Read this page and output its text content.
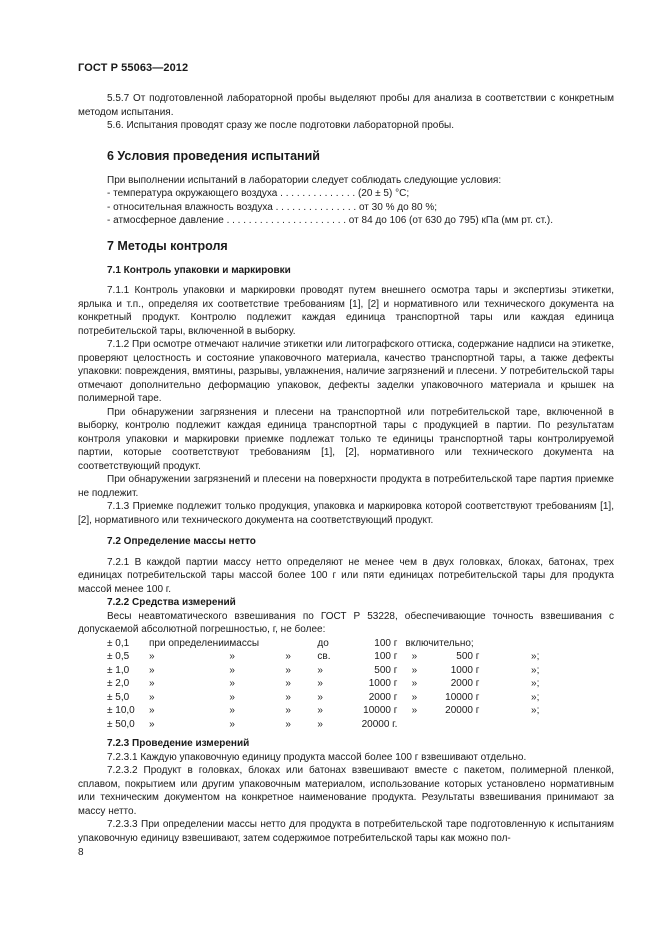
ГОСТ Р 55063—2012

5.5.7 От подготовленной лабораторной пробы выделяют пробы для анализа в соответствии с конкретным методом испытания.

5.6. Испытания проводят сразу же после подготовки лабораторной пробы.

6 Условия проведения испытаний

При выполнении испытаний в лаборатории следует соблюдать следующие условия:

- температура окружающего воздуха . . . . . . . . . . . . . . (20 ± 5) °С;

- относительная влажность воздуха . . . . . . . . . . . . . . . от 30 % до 80 %;

- атмосферное давление . . . . . . . . . . . . . . . . . . . . . . от 84 до 106 (от 630 до 795) кПа (мм рт. ст.).

7 Методы контроля

7.1 Контроль упаковки и маркировки

7.1.1 Контроль упаковки и маркировки проводят путем внешнего осмотра тары и экспертизы этикетки, ярлыка и т.п., определяя их соответствие требованиям [1], [2] и нормативного или технического документа на конкретный продукт. Контролю подлежит каждая единица транспортной тары или каждая единица потребительской тары, включенной в выборку.

7.1.2 При осмотре отмечают наличие этикетки или литографского оттиска, содержание надписи на этикетке, проверяют целостность и состояние упаковочного материала, качество транспортной тары, а также дефекты упаковки: повреждения, вмятины, разрывы, увлажнения, наличие загрязнений и плесени. У потребительской тары отмечают дополнительно деформацию упаковок, дефекты заделки упаковочного материала и крышек на полимерной таре.

При обнаружении загрязнения и плесени на транспортной или потребительской таре, включенной в выборку, контролю подлежит каждая единица транспортной тары с продукцией в партии. По результатам контроля упаковки и маркировки приемке подлежат только те единицы транспортной тары контролируемой партии, которые соответствуют требованиям [1], [2], нормативного или технического документа на соответствующий продукт.

При обнаружении загрязнений и плесени на поверхности продукта в потребительской таре партия приемке не подлежит.

7.1.3 Приемке подлежит только продукция, упаковка и маркировка которой соответствуют требованиям [1], [2], нормативного или технического документа на соответствующий продукт.

7.2 Определение массы нетто

7.2.1 В каждой партии массу нетто определяют не менее чем в двух головках, блоках, батонах, трех единицах потребительской тары массой более 100 г или пяти единицах потребительской тары для продукта массой менее 100 г.

7.2.2 Средства измерений

Весы неавтоматического взвешивания по ГОСТ Р 53228, обеспечивающие точность взвешивания с допускаемой абсолютной погрешностью, г, не более:

± 0,1	при определении	массы		до	100 г	включительно;		
± 0,5	»	»	»	св.	100 г	»	500 г	»;
± 1,0	»	»	»	»	500 г	»	1000 г	»;
± 2,0	»	»	»	»	1000 г	»	2000 г	»;
± 5,0	»	»	»	»	2000 г	»	10000 г	»;
± 10,0	»	»	»	»	10000 г	»	20000 г	»;
± 50,0	»	»	»	»	20000 г.			

7.2.3 Проведение измерений

7.2.3.1 Каждую упаковочную единицу продукта массой более 100 г взвешивают отдельно.

7.2.3.2 Продукт в головках, блоках или батонах взвешивают вместе с пакетом, полимерной пленкой, сплавом, покрытием или другим упаковочным материалом, использование которых установлено нормативным или техническим документом на конкретное наименование продукта. Результаты взвешивания принимают за массу нетто.

7.2.3.3 При определении массы нетто для продукта в потребительской таре подготовленную к испытаниям упаковочную единицу взвешивают, затем содержимое потребительской тары как можно пол-

8
